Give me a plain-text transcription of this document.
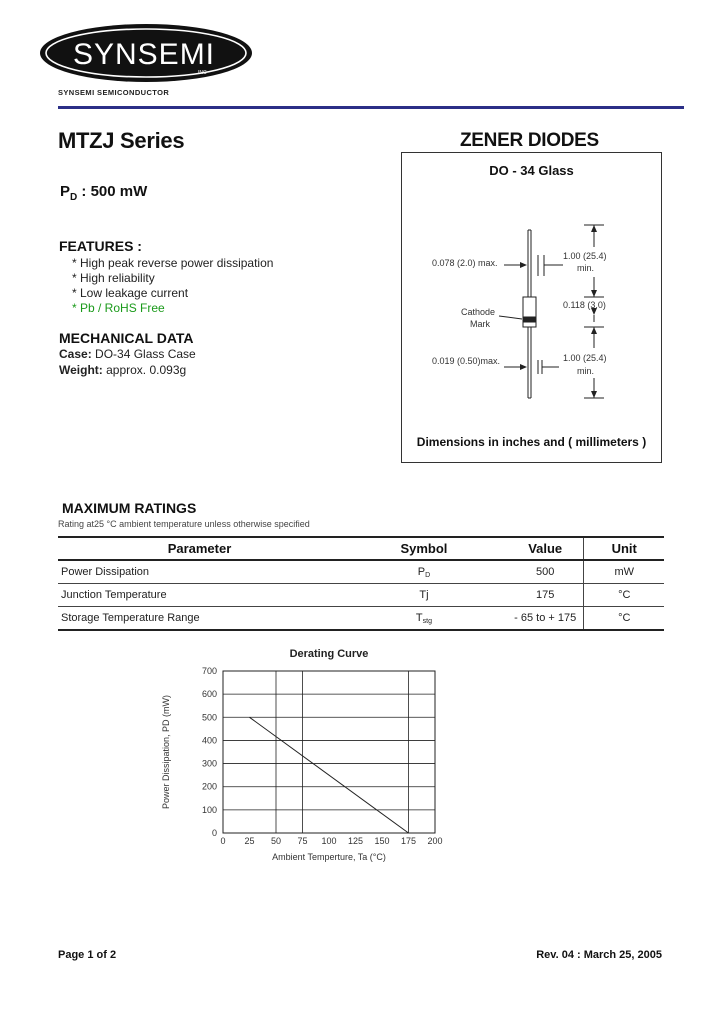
SYNSEMI
INC
SYNSEMI SEMICONDUCTOR
MTZJ Series	ZENER DIODES
$P_D$ : 500 mW
FEATURES :
* High peak reverse power dissipation
* High reliability
* Low leakage current
* Pb / RoHS Free
MECHANICAL DATA
Case: DO-34 Glass Case
Weight: approx. 0.093g
DO - 34 Glass
0.078 (2.0) max.
Cathode
Mark
0.019 (0.50)max.
1.00 (25.4)
min.
0.118 (3.0)
1.00 (25.4)
min.
Dimensions in inches and ( millimeters )
MAXIMUM RATINGS
Rating at25 °C ambient temperature unless otherwise specified
Parameter	Symbol	Value	Unit
Power Dissipation	$P_D$	500	mW
Junction Temperature	Tj	175	°C
Storage Temperature Range	$T_{stg}$	- 65 to + 175	°C
Derating Curve
0 25 50 75 100 125 150 175 200
0
100
200
300
400
500
600
700
Ambient Temperture, Ta (°C)
Power Dissipation, PD (mW)
Page 1 of 2	Rev. 04 : March 25, 2005
